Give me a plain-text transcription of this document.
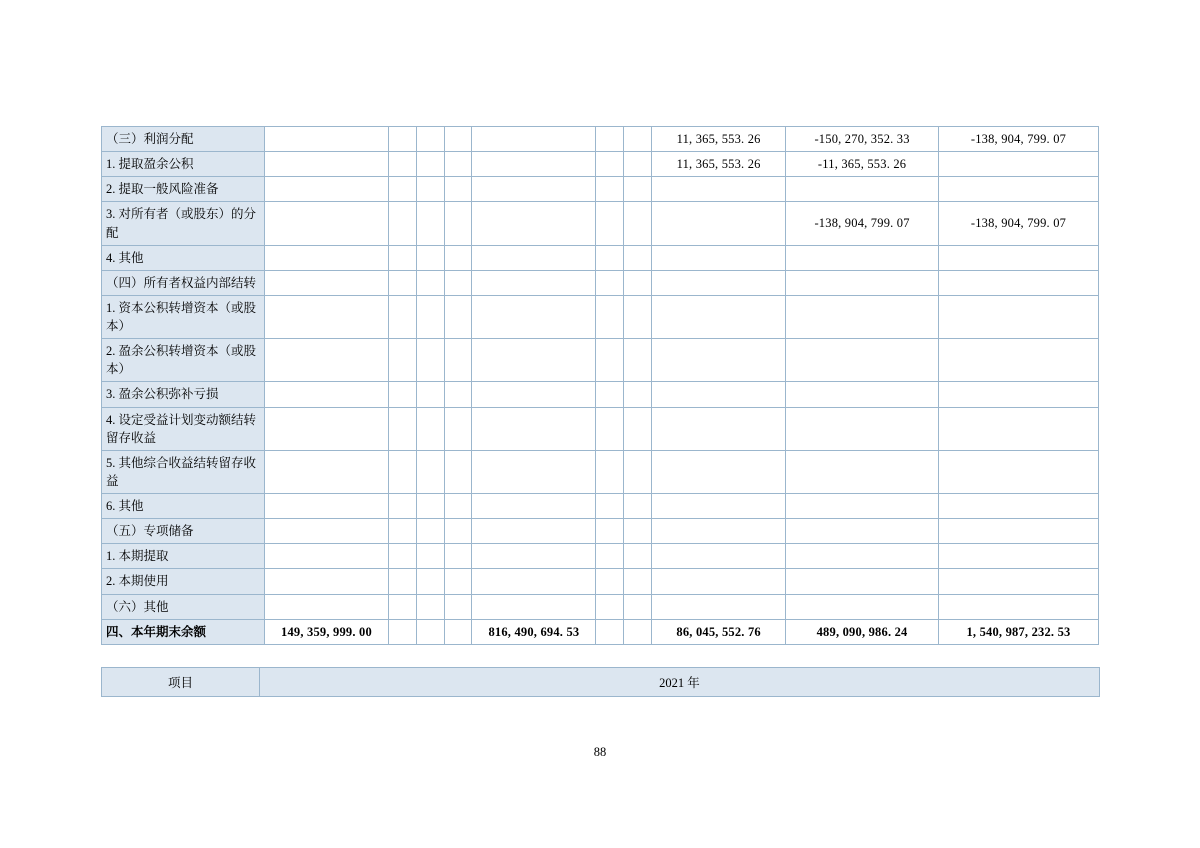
（三）利润分配								11, 365, 553. 26	-150, 270, 352. 33	-138, 904, 799. 07
1. 提取盈余公积								11, 365, 553. 26	-11, 365, 553. 26	
2. 提取一般风险准备										
3. 对所有者（或股东）的分配									-138, 904, 799. 07	-138, 904, 799. 07
4. 其他										
（四）所有者权益内部结转										
1. 资本公积转增资本（或股本）										
2. 盈余公积转增资本（或股本）										
3. 盈余公积弥补亏损										
4. 设定受益计划变动额结转留存收益										
5. 其他综合收益结转留存收益										
6. 其他										
（五）专项储备										
1. 本期提取										
2. 本期使用										
（六）其他										
四、本年期末余额	149, 359, 999. 00				816, 490, 694. 53			86, 045, 552. 76	489, 090, 986. 24	1, 540, 987, 232. 53
项目	2021 年
88
